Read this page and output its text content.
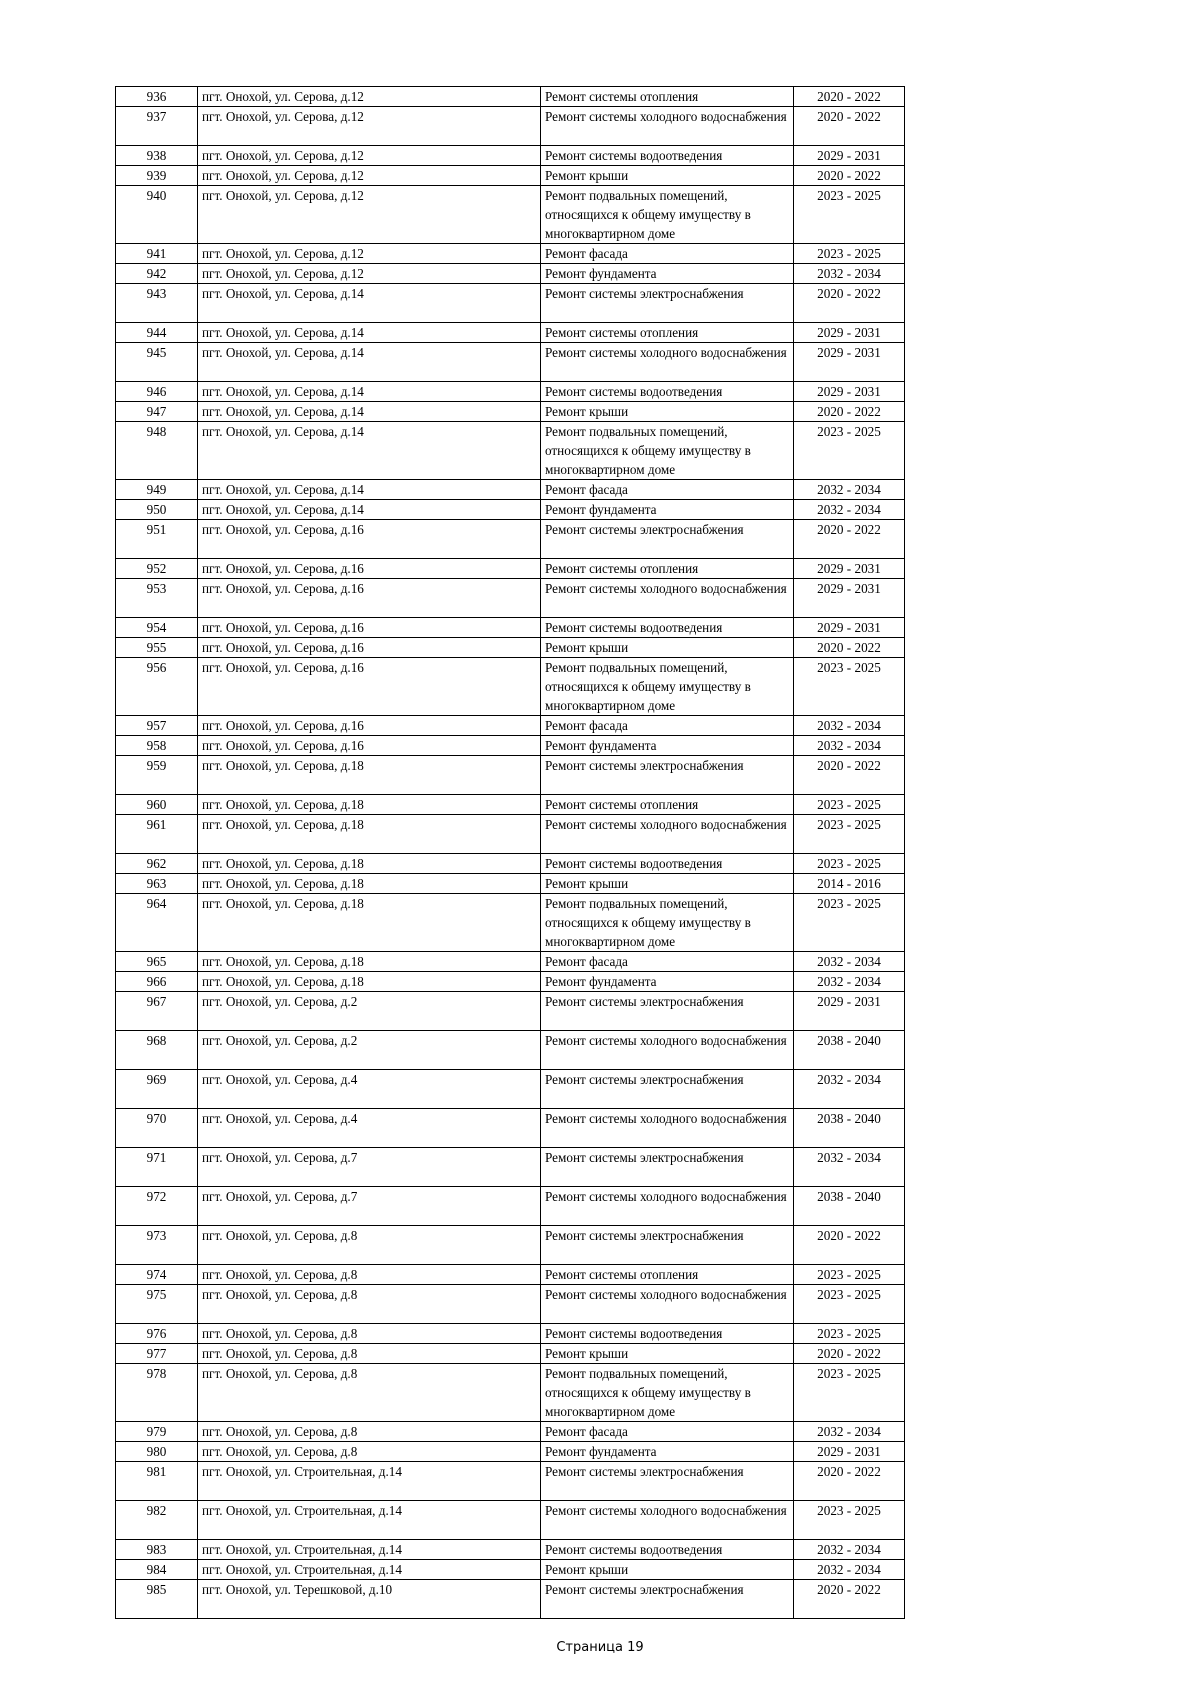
936	пгт. Онохой, ул. Серова, д.12	Ремонт системы отопления	2020 - 2022
937	пгт. Онохой, ул. Серова, д.12	Ремонт системы холодного водоснабжения	2020 - 2022
938	пгт. Онохой, ул. Серова, д.12	Ремонт системы водоотведения	2029 - 2031
939	пгт. Онохой, ул. Серова, д.12	Ремонт крыши	2020 - 2022
940	пгт. Онохой, ул. Серова, д.12	Ремонт подвальных помещений, относящихся к общему имуществу в многоквартирном доме	2023 - 2025
941	пгт. Онохой, ул. Серова, д.12	Ремонт фасада	2023 - 2025
942	пгт. Онохой, ул. Серова, д.12	Ремонт фундамента	2032 - 2034
943	пгт. Онохой, ул. Серова, д.14	Ремонт системы электроснабжения	2020 - 2022
944	пгт. Онохой, ул. Серова, д.14	Ремонт системы отопления	2029 - 2031
945	пгт. Онохой, ул. Серова, д.14	Ремонт системы холодного водоснабжения	2029 - 2031
946	пгт. Онохой, ул. Серова, д.14	Ремонт системы водоотведения	2029 - 2031
947	пгт. Онохой, ул. Серова, д.14	Ремонт крыши	2020 - 2022
948	пгт. Онохой, ул. Серова, д.14	Ремонт подвальных помещений, относящихся к общему имуществу в многоквартирном доме	2023 - 2025
949	пгт. Онохой, ул. Серова, д.14	Ремонт фасада	2032 - 2034
950	пгт. Онохой, ул. Серова, д.14	Ремонт фундамента	2032 - 2034
951	пгт. Онохой, ул. Серова, д.16	Ремонт системы электроснабжения	2020 - 2022
952	пгт. Онохой, ул. Серова, д.16	Ремонт системы отопления	2029 - 2031
953	пгт. Онохой, ул. Серова, д.16	Ремонт системы холодного водоснабжения	2029 - 2031
954	пгт. Онохой, ул. Серова, д.16	Ремонт системы водоотведения	2029 - 2031
955	пгт. Онохой, ул. Серова, д.16	Ремонт крыши	2020 - 2022
956	пгт. Онохой, ул. Серова, д.16	Ремонт подвальных помещений, относящихся к общему имуществу в многоквартирном доме	2023 - 2025
957	пгт. Онохой, ул. Серова, д.16	Ремонт фасада	2032 - 2034
958	пгт. Онохой, ул. Серова, д.16	Ремонт фундамента	2032 - 2034
959	пгт. Онохой, ул. Серова, д.18	Ремонт системы электроснабжения	2020 - 2022
960	пгт. Онохой, ул. Серова, д.18	Ремонт системы отопления	2023 - 2025
961	пгт. Онохой, ул. Серова, д.18	Ремонт системы холодного водоснабжения	2023 - 2025
962	пгт. Онохой, ул. Серова, д.18	Ремонт системы водоотведения	2023 - 2025
963	пгт. Онохой, ул. Серова, д.18	Ремонт крыши	2014 - 2016
964	пгт. Онохой, ул. Серова, д.18	Ремонт подвальных помещений, относящихся к общему имуществу в многоквартирном доме	2023 - 2025
965	пгт. Онохой, ул. Серова, д.18	Ремонт фасада	2032 - 2034
966	пгт. Онохой, ул. Серова, д.18	Ремонт фундамента	2032 - 2034
967	пгт. Онохой, ул. Серова, д.2	Ремонт системы электроснабжения	2029 - 2031
968	пгт. Онохой, ул. Серова, д.2	Ремонт системы холодного водоснабжения	2038 - 2040
969	пгт. Онохой, ул. Серова, д.4	Ремонт системы электроснабжения	2032 - 2034
970	пгт. Онохой, ул. Серова, д.4	Ремонт системы холодного водоснабжения	2038 - 2040
971	пгт. Онохой, ул. Серова, д.7	Ремонт системы электроснабжения	2032 - 2034
972	пгт. Онохой, ул. Серова, д.7	Ремонт системы холодного водоснабжения	2038 - 2040
973	пгт. Онохой, ул. Серова, д.8	Ремонт системы электроснабжения	2020 - 2022
974	пгт. Онохой, ул. Серова, д.8	Ремонт системы отопления	2023 - 2025
975	пгт. Онохой, ул. Серова, д.8	Ремонт системы холодного водоснабжения	2023 - 2025
976	пгт. Онохой, ул. Серова, д.8	Ремонт системы водоотведения	2023 - 2025
977	пгт. Онохой, ул. Серова, д.8	Ремонт крыши	2020 - 2022
978	пгт. Онохой, ул. Серова, д.8	Ремонт подвальных помещений, относящихся к общему имуществу в многоквартирном доме	2023 - 2025
979	пгт. Онохой, ул. Серова, д.8	Ремонт фасада	2032 - 2034
980	пгт. Онохой, ул. Серова, д.8	Ремонт фундамента	2029 - 2031
981	пгт. Онохой, ул. Строительная, д.14	Ремонт системы электроснабжения	2020 - 2022
982	пгт. Онохой, ул. Строительная, д.14	Ремонт системы холодного водоснабжения	2023 - 2025
983	пгт. Онохой, ул. Строительная, д.14	Ремонт системы водоотведения	2032 - 2034
984	пгт. Онохой, ул. Строительная, д.14	Ремонт крыши	2032 - 2034
985	пгт. Онохой, ул. Терешковой, д.10	Ремонт системы электроснабжения	2020 - 2022
Страница 19
